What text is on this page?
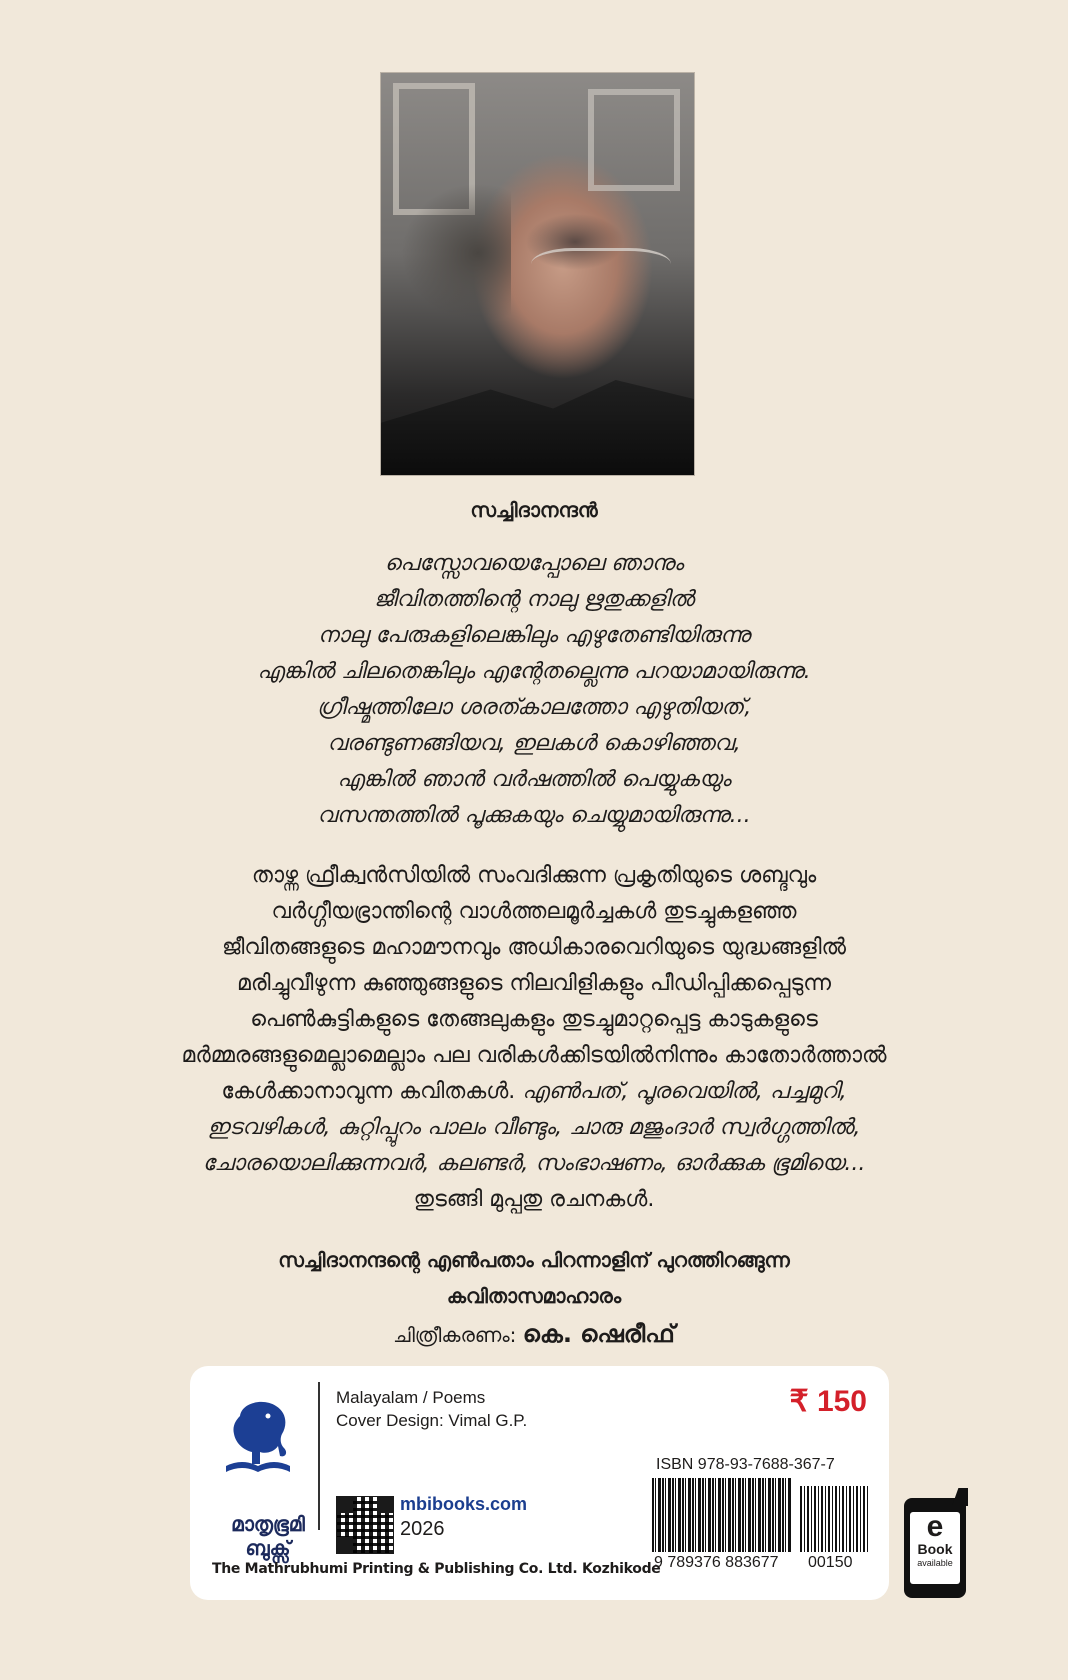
സച്ചിദാനന്ദൻ
പെസ്സോവയെപ്പോലെ ഞാനും
ജീവിതത്തിന്റെ നാലു ഋതുക്കളിൽ
നാലു പേരുകളിലെങ്കിലും എഴുതേണ്ടിയിരുന്നു
എങ്കിൽ ചിലതെങ്കിലും എന്റേതല്ലെന്നു പറയാമായിരുന്നു.
ഗ്രീഷ്മത്തിലോ ശരത്കാലത്തോ എഴുതിയത്,
വരണ്ടുണങ്ങിയവ, ഇലകൾ കൊഴിഞ്ഞവ,
എങ്കിൽ ഞാൻ വർഷത്തിൽ പെയ്യുകയും
വസന്തത്തിൽ പൂക്കുകയും ചെയ്യുമായിരുന്നു...
താഴ്ന്ന ഫ്രീക്വൻസിയിൽ സംവദിക്കുന്ന പ്രകൃതിയുടെ ശബ്ദവും
വർഗ്ഗീയഭ്രാന്തിന്റെ വാൾത്തലമൂർച്ചകൾ തുടച്ചുകളഞ്ഞ
ജീവിതങ്ങളുടെ മഹാമൗനവും അധികാരവെറിയുടെ യുദ്ധങ്ങളിൽ
മരിച്ചുവീഴുന്ന കുഞ്ഞുങ്ങളുടെ നിലവിളികളും പീഡിപ്പിക്കപ്പെടുന്ന
പെൺകുട്ടികളുടെ തേങ്ങലുകളും തുടച്ചുമാറ്റപ്പെട്ട കാടുകളുടെ
മർമ്മരങ്ങളുമെല്ലാമെല്ലാം പല വരികൾക്കിടയിൽനിന്നും കാതോർത്താൽ
കേൾക്കാനാവുന്ന കവിതകൾ. എൺപത്, പൂരവെയിൽ, പച്ചമുറി,
ഇടവഴികൾ, കുറ്റിപ്പുറം പാലം വീണ്ടും, ചാരു മജുംദാർ സ്വർഗ്ഗത്തിൽ,
ചോരയൊലിക്കുന്നവർ, കലണ്ടർ, സംഭാഷണം, ഓർക്കുക ഭൂമിയെ...
തുടങ്ങി മുപ്പതു രചനകൾ.
സച്ചിദാനന്ദന്റെ എൺപതാം പിറന്നാളിന് പുറത്തിറങ്ങുന്ന
കവിതാസമാഹാരം
ചിത്രീകരണം: കെ. ഷെരീഫ്
മാതൃഭൂമി
ബുക്സ്
The Mathrubhumi Printing & Publishing Co. Ltd. Kozhikode
Malayalam / Poems
Cover Design: Vimal G.P.
₹ 150
mbibooks.com
2026
ISBN 978-93-7688-367-7
9 789376 883677 00150
e
Book
available
